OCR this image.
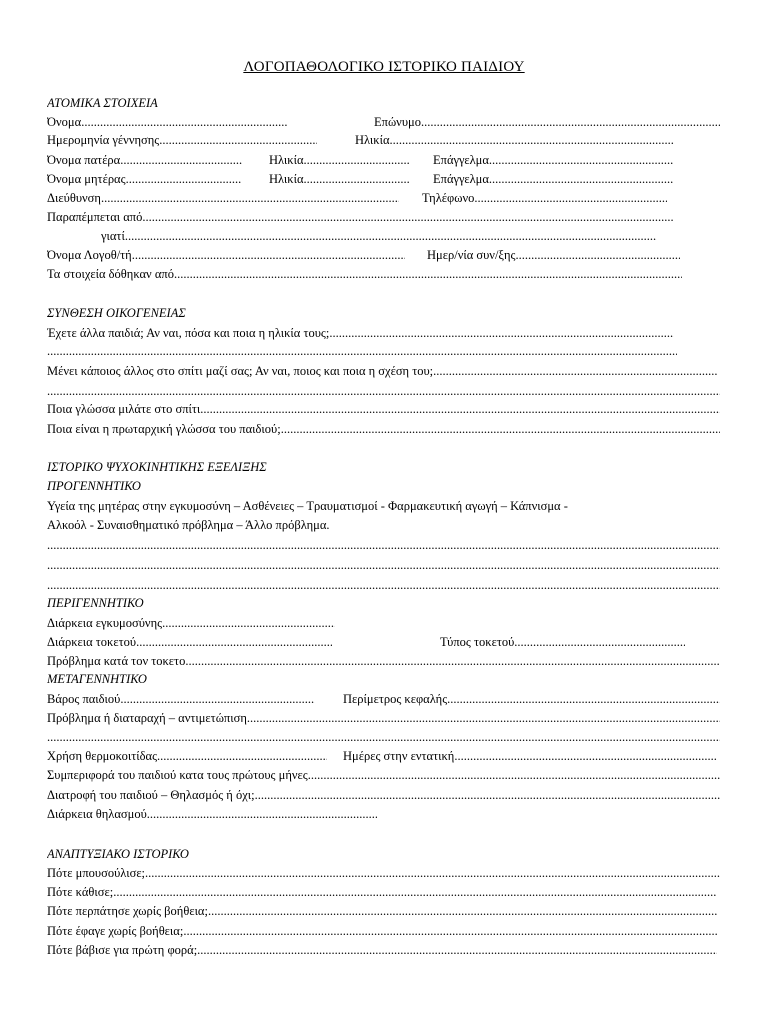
ΛΟΓΟΠΑΘΟΛΟΓΙΚΟ ΙΣΤΟΡΙΚΟ ΠΑΙΔΙΟΥ
ΑΤΟΜΙΚΑ ΣΤΟΙΧΕΙΑ
Όνομα .....	Επώνυμο
.....
Ημερομηνία γέννησης .....	Ηλικία
.....
Όνομα πατέρα .....	Ηλικία .....	Επάγγελμα
.....
Όνομα μητέρας .....	Ηλικία .....	Επάγγελμα
.....
Διεύθυνση .....	Τηλέφωνο
.....
Παραπέμπεται από
.....
γιατί
.....
Όνομα Λογοθ/τή .....	Ημερ/νία συν/ξης
.....
Τα στοιχεία δόθηκαν από
.....
ΣΥΝΘΕΣΗ ΟΙΚΟΓΕΝΕΙΑΣ
Έχετε άλλα παιδιά; Αν ναι, πόσα και ποια η ηλικία τους;
.....
.....
Μένει κάποιος άλλος στο σπίτι μαζί σας; Αν ναι, ποιος και ποια η σχέση του;
.....
.....
Ποια γλώσσα μιλάτε στο σπίτι
.....
Ποια είναι η πρωταρχική γλώσσα του παιδιού;
.....
ΙΣΤΟΡΙΚΟ ΨΥΧΟΚΙΝΗΤΙΚΗΣ ΕΞΕΛΙΞΗΣ
ΠΡΟΓΕΝΝΗΤΙΚΟ
Υγεία της μητέρας στην εγκυμοσύνη – Ασθένειες – Τραυματισμοί - Φαρμακευτική αγωγή – Κάπνισμα -
Αλκοόλ - Συναισθηματικό πρόβλημα – Άλλο πρόβλημα.
.....
.....
.....
ΠΕΡΙΓΕΝΝΗΤΙΚΟ
Διάρκεια εγκυμοσύνης
.....
Διάρκεια τοκετού .....	Τύπος τοκετού
.....
Πρόβλημα κατά τον τοκετο
.....
ΜΕΤΑΓΕΝΝΗΤΙΚΟ
Βάρος παιδιού .....	Περίμετρος κεφαλής
.....
Πρόβλημα ή διαταραχή – αντιμετώπιση
.....
.....
Χρήση θερμοκοιτίδας .....	Ημέρες στην εντατική
.....
Συμπεριφορά του παιδιού κατα τους πρώτους μήνες
.....
Διατροφή του παιδιού – Θηλασμός ή όχι;
.....
Διάρκεια θηλασμού
.....
ΑΝΑΠΤΥΞΙΑΚΟ ΙΣΤΟΡΙΚΟ
Πότε μπουσούλισε;
.....
Πότε κάθισε;
.....
Πότε περπάτησε χωρίς βοήθεια;
.....
Πότε έφαγε χωρίς βοήθεια;
.....
Πότε βάβισε για πρώτη φορά;
.....
